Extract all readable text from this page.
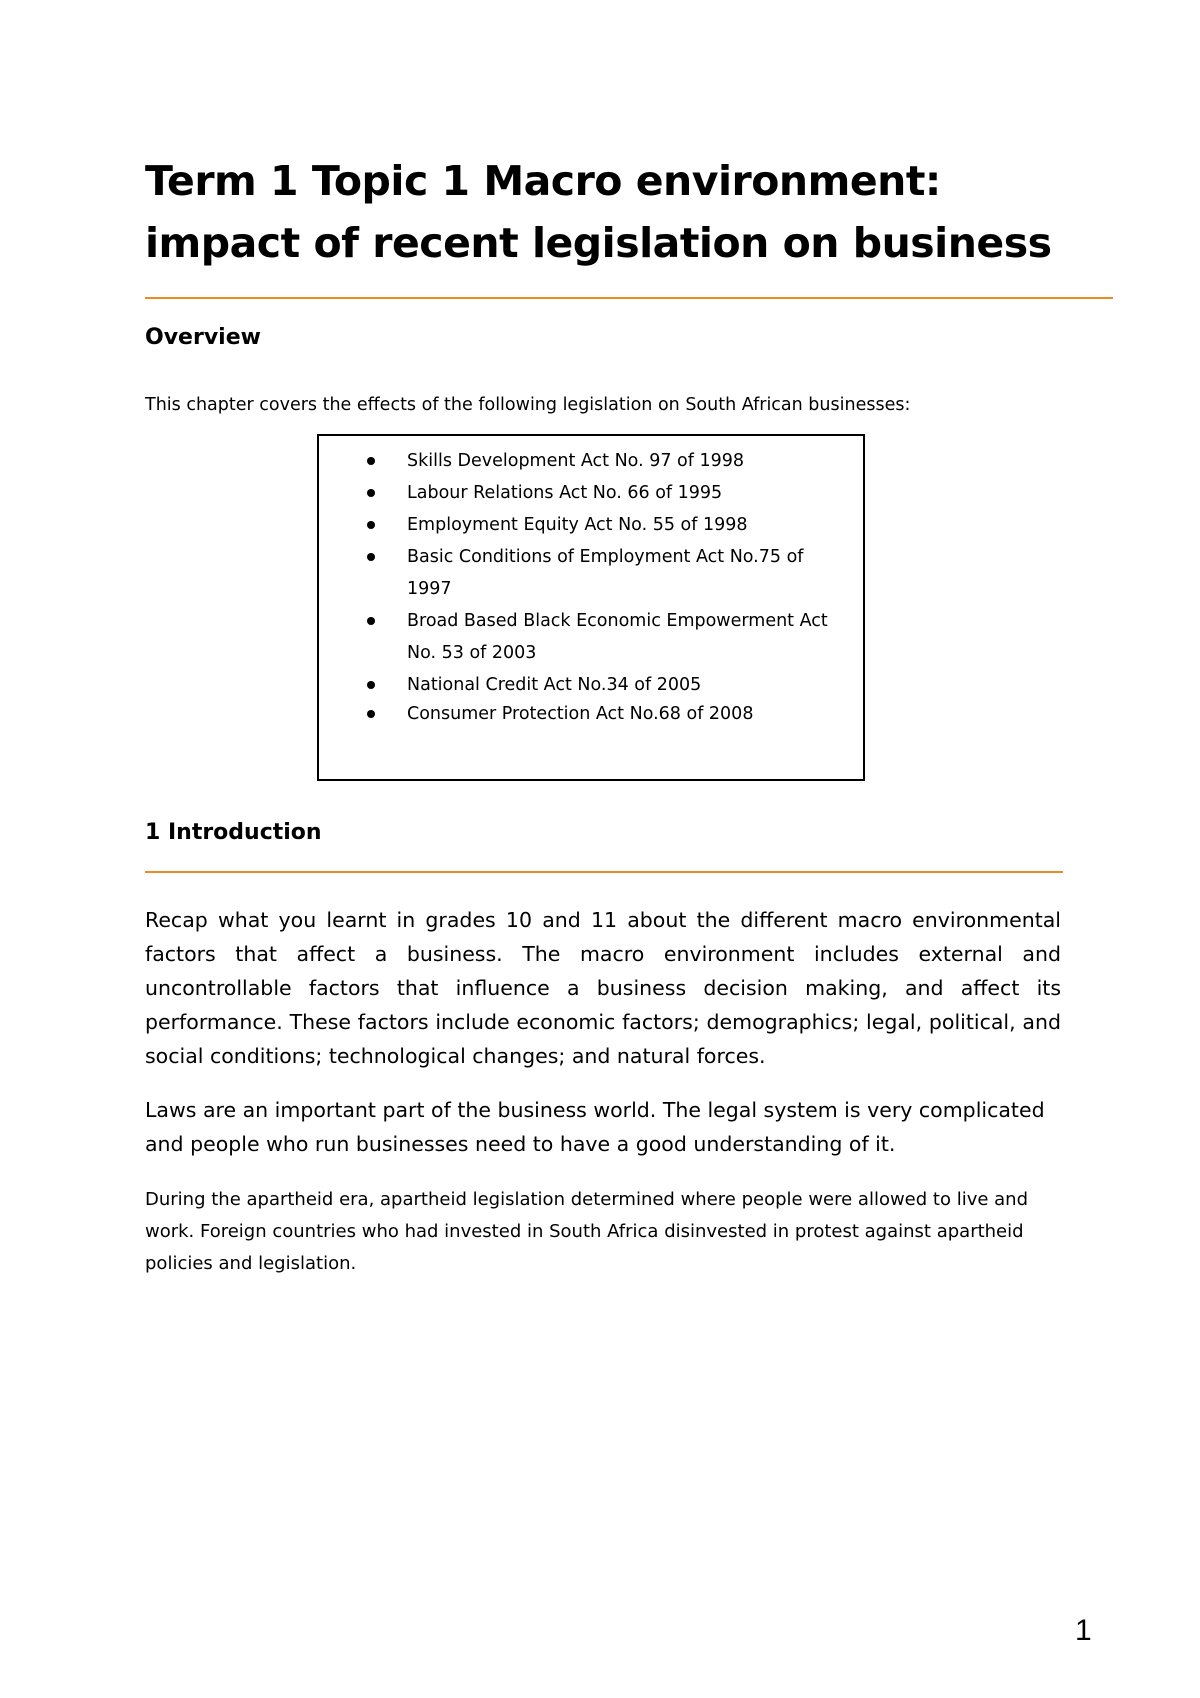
Term 1 Topic 1 Macro environment: impact of recent legislation on business
Overview

This chapter covers the effects of the following legislation on South African businesses:

Skills Development Act No. 97 of 1998
Labour Relations Act No. 66 of 1995
Employment Equity Act No. 55 of 1998
Basic Conditions of Employment Act No.75 of 1997
Broad Based Black Economic Empowerment Act No. 53 of 2003
National Credit Act No.34 of 2005
Consumer Protection Act No.68 of 2008
1 Introduction

Recap what you learnt in grades 10 and 11 about the different macro environmental factors that affect a business. The macro environment includes external and uncontrollable factors that influence a business decision making, and affect its performance. These factors include economic factors; demographics; legal, political, and social conditions; technological changes; and natural forces.

Laws are an important part of the business world. The legal system is very complicated and people who run businesses need to have a good understanding of it.

During the apartheid era, apartheid legislation determined where people were allowed to live and work. Foreign countries who had invested in South Africa disinvested in protest against apartheid policies and legislation.

1
